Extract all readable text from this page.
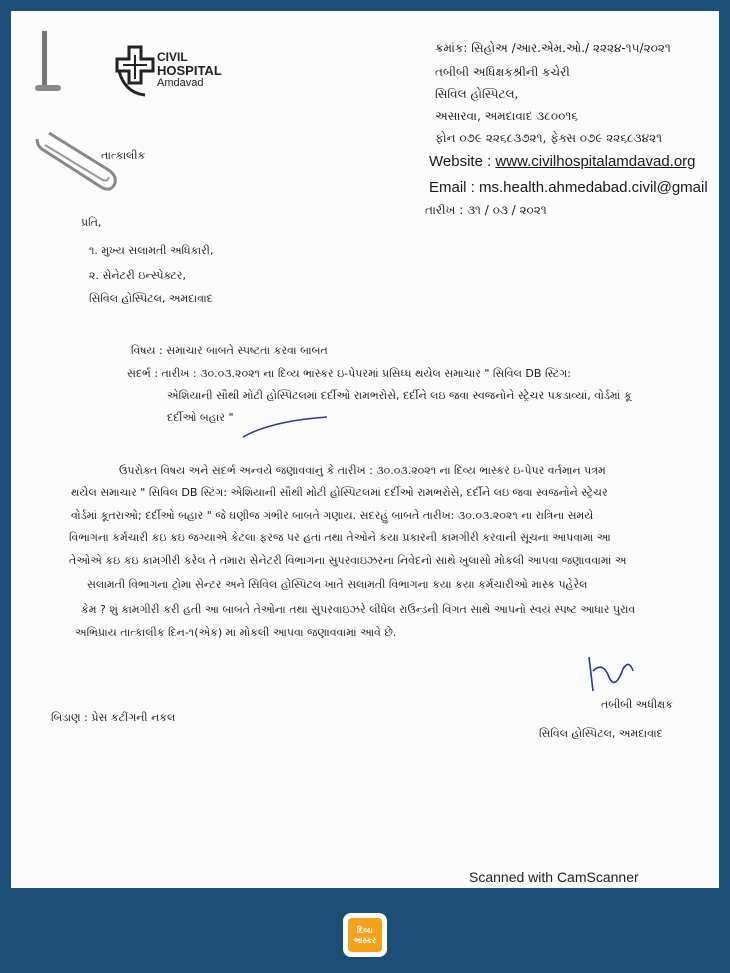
CIVIL
HOSPITAL
Amdavad
ક્રમાંક: સિહોઅ /આર.એમ.ઓ./ ૨૨૨૪-૧૫/૨૦૨૧
તબીબી અધિક્ષકશ્રીની કચેરી
સિવિલ હોસ્પિટલ,
અસારવા, અમદાવાદ ૩૮૦૦૧૬
ફોન ૦૭૯ ૨૨૬૮૩૭૨૧, ફેક્સ ૦૭૯ ૨૨૬૮૩૪૨૧
Website : www.civilhospitalamdavad.org
Email : ms.health.ahmedabad.civil@gmail
તારીખ : ૩૧ / ૦૩ / ૨૦૨૧
તાત્કાલીક
પ્રતિ,
૧. મુખ્ય સલામતી અધિકારી,
૨. સેનેટરી ઇન્સ્પેક્ટર,
સિવિલ હોસ્પિટલ, અમદાવાદ
વિષય : સમાચાર બાબતે સ્પષ્ટતા કરવા બાબત
સંદર્ભ : તારીખ : ૩૦.૦૩.૨૦૨૧ ના દિવ્ય ભાસ્કર ઇ-પેપરમાં પ્રસિધ્ધ થયેલ સમાચાર " સિવિલ DB સ્ટિંગ:
એશિયાની સૌથી મોટી હોસ્પિટલમાં દર્દીઓ રામભરોસે, દર્દીને લઇ જવા સ્વજનોને સ્ટ્રેચર પકડાવ્યાં, વોર્ડમાં કૂ
દર્દીઓ બહાર "
ઉપરોક્ત વિષય અને સંદર્ભ અન્વયે જણાવવાનું કે તારીખ : ૩૦.૦૩.૨૦૨૧ ના દિવ્ય ભાસ્કર ઇ-પેપર વર્તમાન પત્રમ
થયેલ સમાચાર " સિવિલ DB સ્ટિંગ: એશિયાની સૌથી મોટી હોસ્પિટલમાં દર્દીઓ રામભરોસે, દર્દીને લઇ જવા સ્વજનોને સ્ટ્રેચર
વોર્ડમાં કૂતરાઓ; દર્દીઓ બહાર " જે ઘણીજ ગંભીર બાબતે ગણાય. સદરહું બાબતે તારીખ: ૩૦.૦૩.૨૦૨૧ ના રાત્રિના સમયે
વિભાગના કર્મચારી કઇ કઇ જગ્યાએ કેટલા ફરજ પર હતાં તથા તેઓને કયા પ્રકારની કામગીરી કરવાની સૂચના આપવામાં આ
તેઓએ કઇ કઇ કામગીરી કરેલ તે તમારા સેનેટરી વિભાગના સુપરવાઇઝરના નિવેદનો સાથે ખુલાસો મોકલી આપવા જણાવવામાં અ
સલામતી વિભાગના ટ્રોમા સેન્ટર અને સિવિલ હોસ્પિટલ ખાતે સલામતી વિભાગના કયા કયા કર્મચારીઓ માસ્ક પહેરેલ
કેમ ? શું કામગીરી કરી હતી આ બાબતે તેઓના તથા સુપરવાઇઝરે લીધેલ રાઉન્ડની વિગત સાથે આપનો સ્વયં સ્પષ્ટ આધાર પુરાવ
અભિપ્રાય તાત્કાલીક દિન-૧(એક) માં મોકલી આપવા જણાવવામાં આવે છે.
તબીબી અધીક્ષક
સિવિલ હોસ્પિટલ, અમદાવાદ
બિડાણ : પ્રેસ કટીંગની નકલ
Scanned with CamScanner
દિવ્ય
ભાસ્કર
